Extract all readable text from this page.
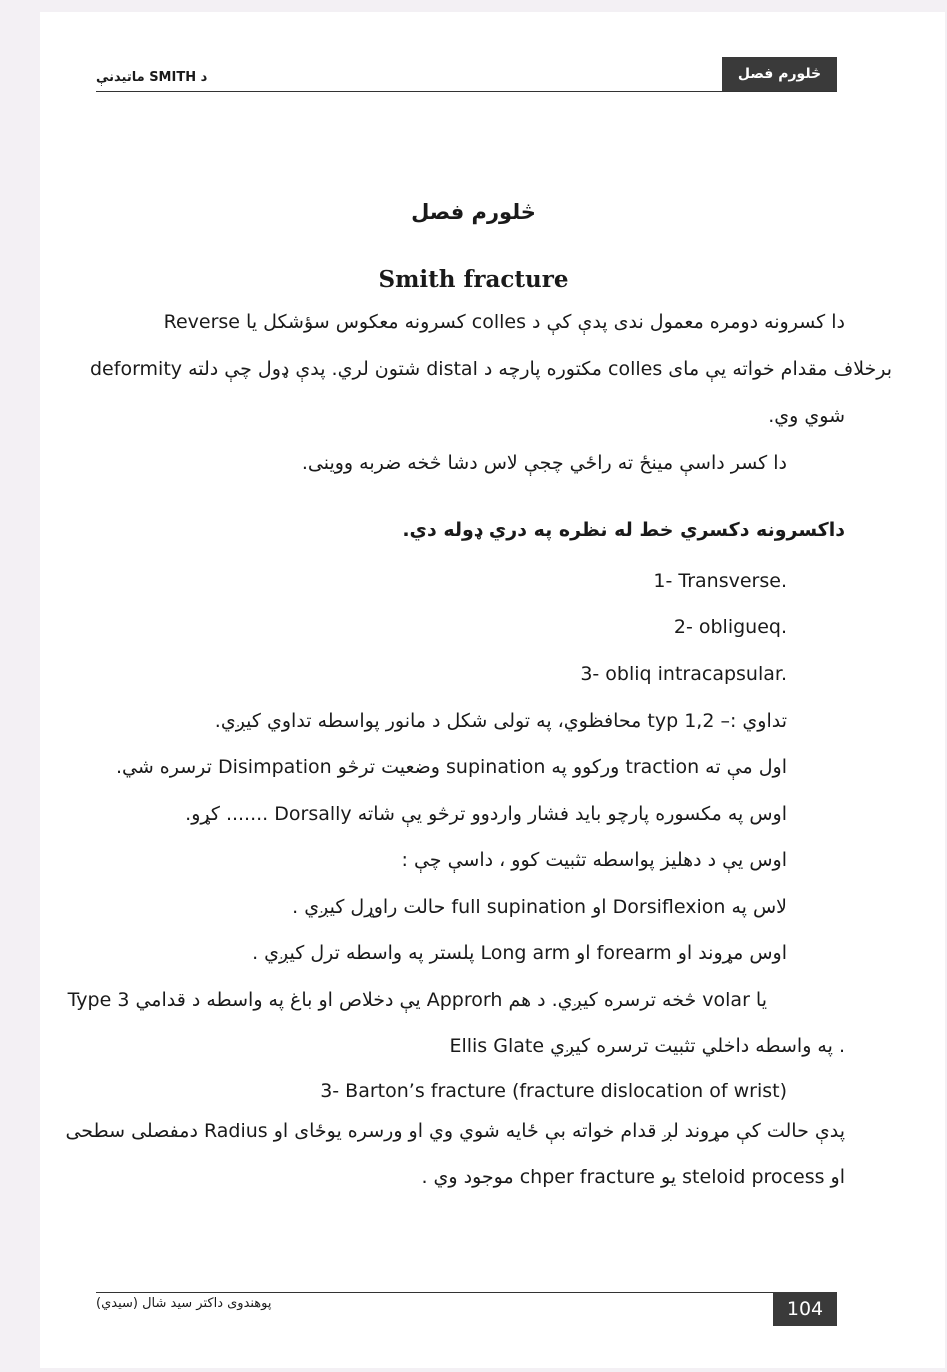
څلورم فصل
د SMITH ماتیدنې
څلورم فصل
Smith fracture
دا کسرونه دومره معمول ندی پدې کې د colles کسرونه معکوس سؤشکل یا Reverse
deformity شتون لري. پدې ډول چې دلته distal مکتوره پارچه د colles برخلاف مقدام خواته یې مای
شوي وي.
دا کسر داسې مینځ ته راځي چجې لاس دشا څخه ضربه ووینی.
داکسرونه دکسري خط له نظره په دري ډوله دي.
1- Transverse.
2- obligueq.
3- obliq intracapsular.
تداوي :– typ 1,2 محافظوي، په تولی شکل د مانور پواسطه تداوي کیږي.
اول مې ته traction ورکوو په supination وضعیت ترڅو Disimpation ترسره شي.
اوس په مکسوره پارچو باید فشار واردوو ترڅو یې شاته Dorsally ....... کړو.
اوس یې د دهلیز پواسطه تثبیت کوو ، داسې چې :
لاس په Dorsiflexion او full supination حالت راوړل کیږي .
اوس مړوند او forearm او Long arm پلستر په واسطه ترل کیږي .
Type 3 یې دخلاص او باغ په واسطه د قدامي Approrh څخه ترسره کیږي. د هم volar یا
Ellis Glate په واسطه داخلي تثبیت ترسره کیږي .
3- Barton’s fracture (fracture dislocation of wrist)
پدې حالت کې مړوند لږ قدام خواته بې ځایه شوي وي او ورسره یوځای او Radius دمفصلی سطحی
او steloid process یو chper fracture موجود وي .
پوهندوی داکتر سید شال (سیدي)	104
